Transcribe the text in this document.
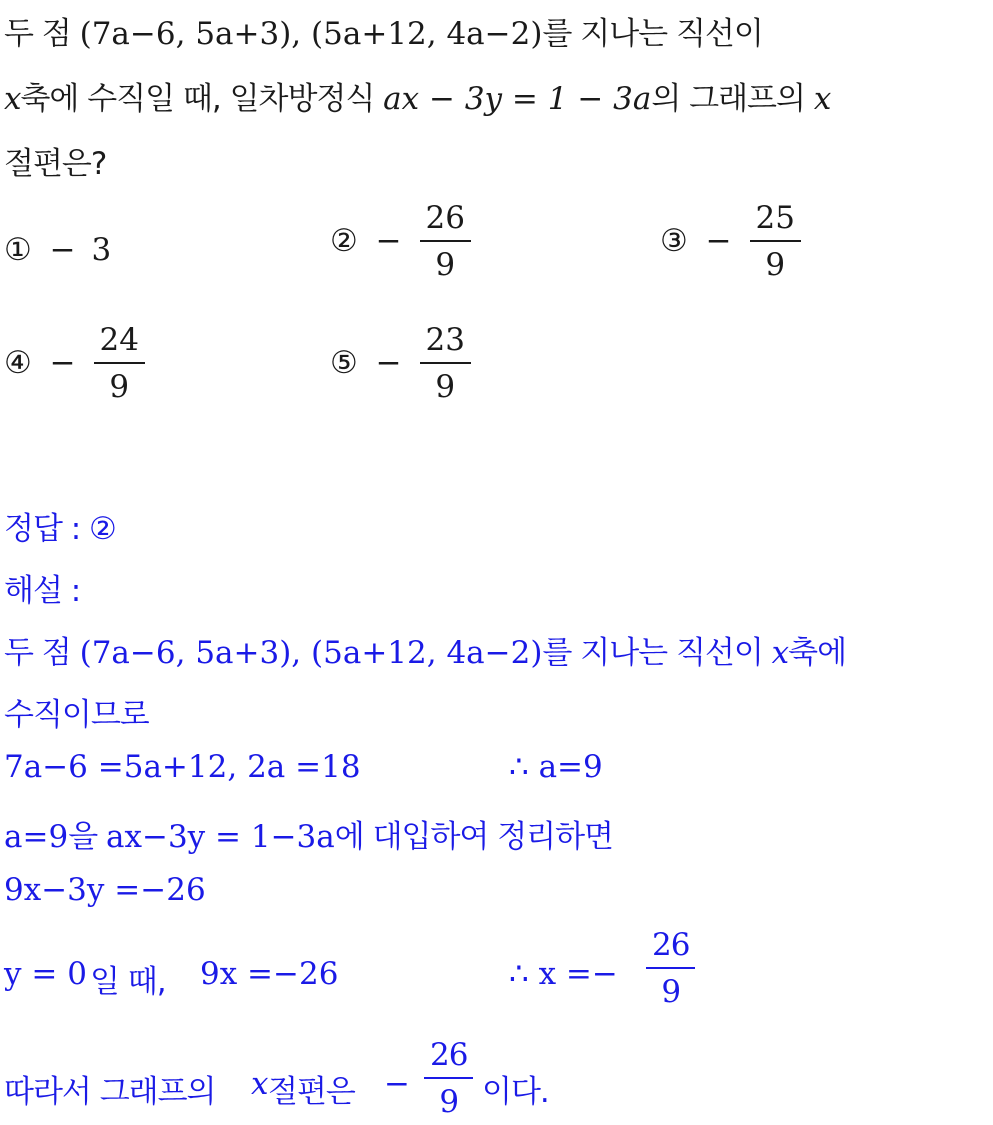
두 점 (7a−6, 5a+3), (5a+12, 4a−2)를 지나는 직선이
x축에 수직일 때, 일차방정식 ax − 3y = 1 − 3a의 그래프의 x
절편은?
① − 3	② − $\frac{26}{9}$	③ − $\frac{25}{9}$
④ − $\frac{24}{9}$	⑤ − $\frac{23}{9}$
정답 : ②
해설 :
두 점 (7a−6, 5a+3), (5a+12, 4a−2)를 지나는 직선이 x축에
수직이므로
7a−6 =5a+12, 2a =18	∴ a=9
a=9을 ax−3y = 1−3a에 대입하여 정리하면
9x−3y =−26
y = 0 일 때, 9x =−26	∴ $x =- \frac{26}{9}$
따라서 그래프의 x 절편은 − $\frac{26}{9}$ 이다.
